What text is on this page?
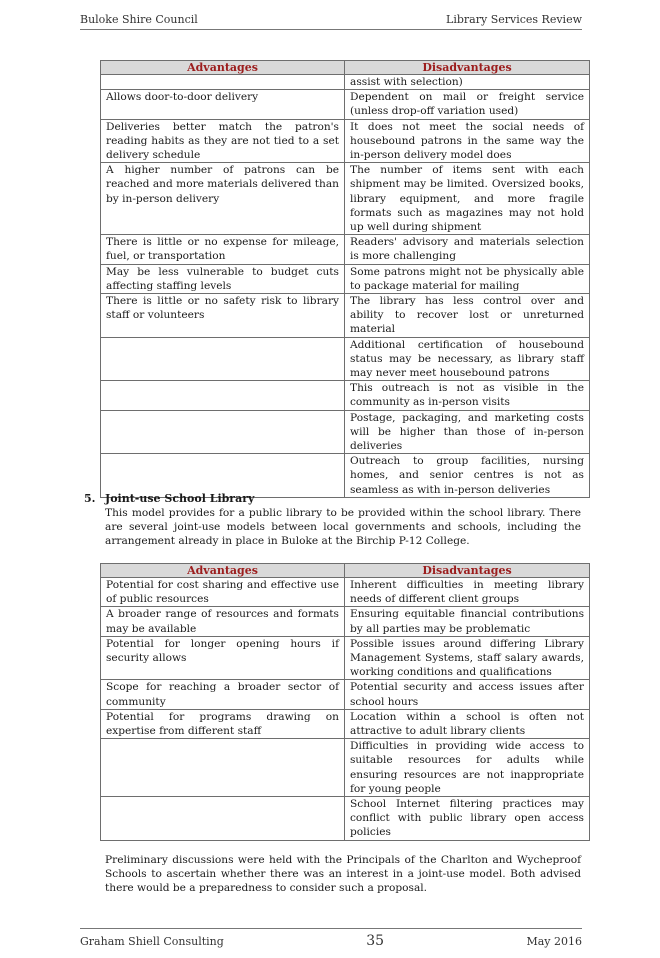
Buloke Shire Council	Library Services Review
Advantages	Disadvantages
	assist with selection)
Allows door-to-door delivery	Dependent on mail or freight service (unless drop-off variation used)
Deliveries better match the patron's reading habits as they are not tied to a set delivery schedule	It does not meet the social needs of housebound patrons in the same way the in-person delivery model does
A higher number of patrons can be reached and more materials delivered than by in-person delivery	The number of items sent with each shipment may be limited. Oversized books, library equipment, and more fragile formats such as magazines may not hold up well during shipment
There is little or no expense for mileage, fuel, or transportation	Readers' advisory and materials selection is more challenging
May be less vulnerable to budget cuts affecting staffing levels	Some patrons might not be physically able to package material for mailing
There is little or no safety risk to library staff or volunteers	The library has less control over and ability to recover lost or unreturned material
	Additional certification of housebound status may be necessary, as library staff may never meet housebound patrons
	This outreach is not as visible in the community as in-person visits
	Postage, packaging, and marketing costs will be higher than those of in-person deliveries
	Outreach to group facilities, nursing homes, and senior centres is not as seamless as with in-person deliveries
5. Joint-use School Library
This model provides for a public library to be provided within the school library. There are several joint-use models between local governments and schools, including the arrangement already in place in Buloke at the Birchip P-12 College.
Advantages	Disadvantages
Potential for cost sharing and effective use of public resources	Inherent difficulties in meeting library needs of different client groups
A broader range of resources and formats may be available	Ensuring equitable financial contributions by all parties may be problematic
Potential for longer opening hours if security allows	Possible issues around differing Library Management Systems, staff salary awards, working conditions and qualifications
Scope for reaching a broader sector of community	Potential security and access issues after school hours
Potential for programs drawing on expertise from different staff	Location within a school is often not attractive to adult library clients
	Difficulties in providing wide access to suitable resources for adults while ensuring resources are not inappropriate for young people
	School Internet filtering practices may conflict with public library open access policies
Preliminary discussions were held with the Principals of the Charlton and Wycheproof Schools to ascertain whether there was an interest in a joint-use model. Both advised there would be a preparedness to consider such a proposal.
Graham Shiell Consulting	35	May 2016
